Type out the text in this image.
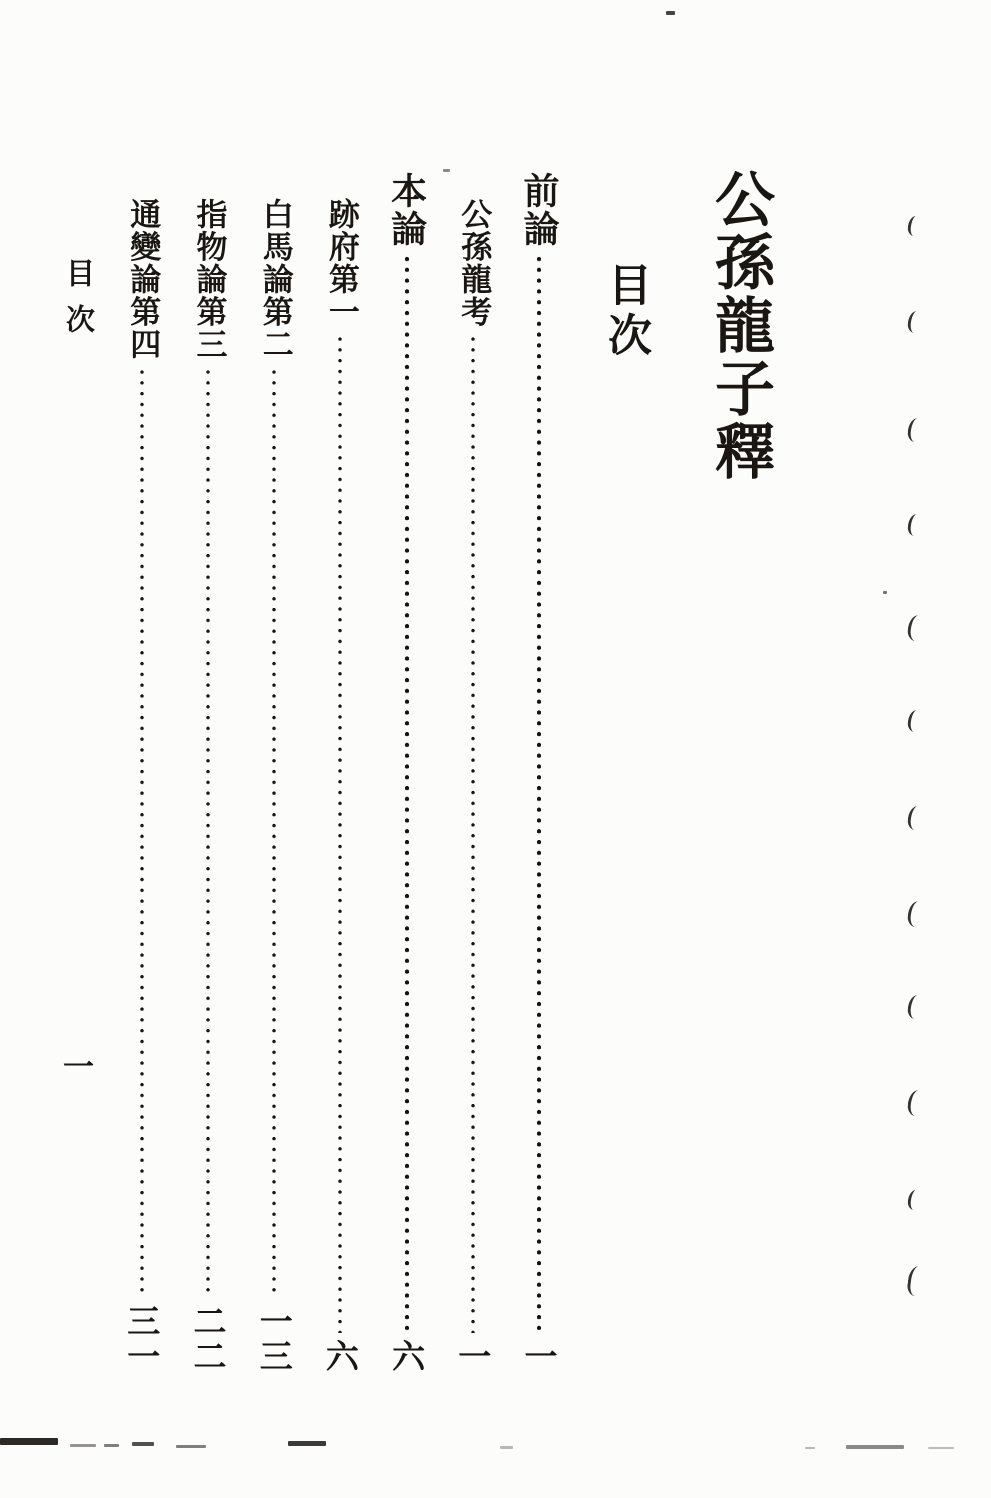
公孫龍子釋
目次
前論
一
公孫龍考
一
本論
六
跡府第一
六
白馬論第二
一三
指物論第三
二二
通變論第四
三一
目次
一
